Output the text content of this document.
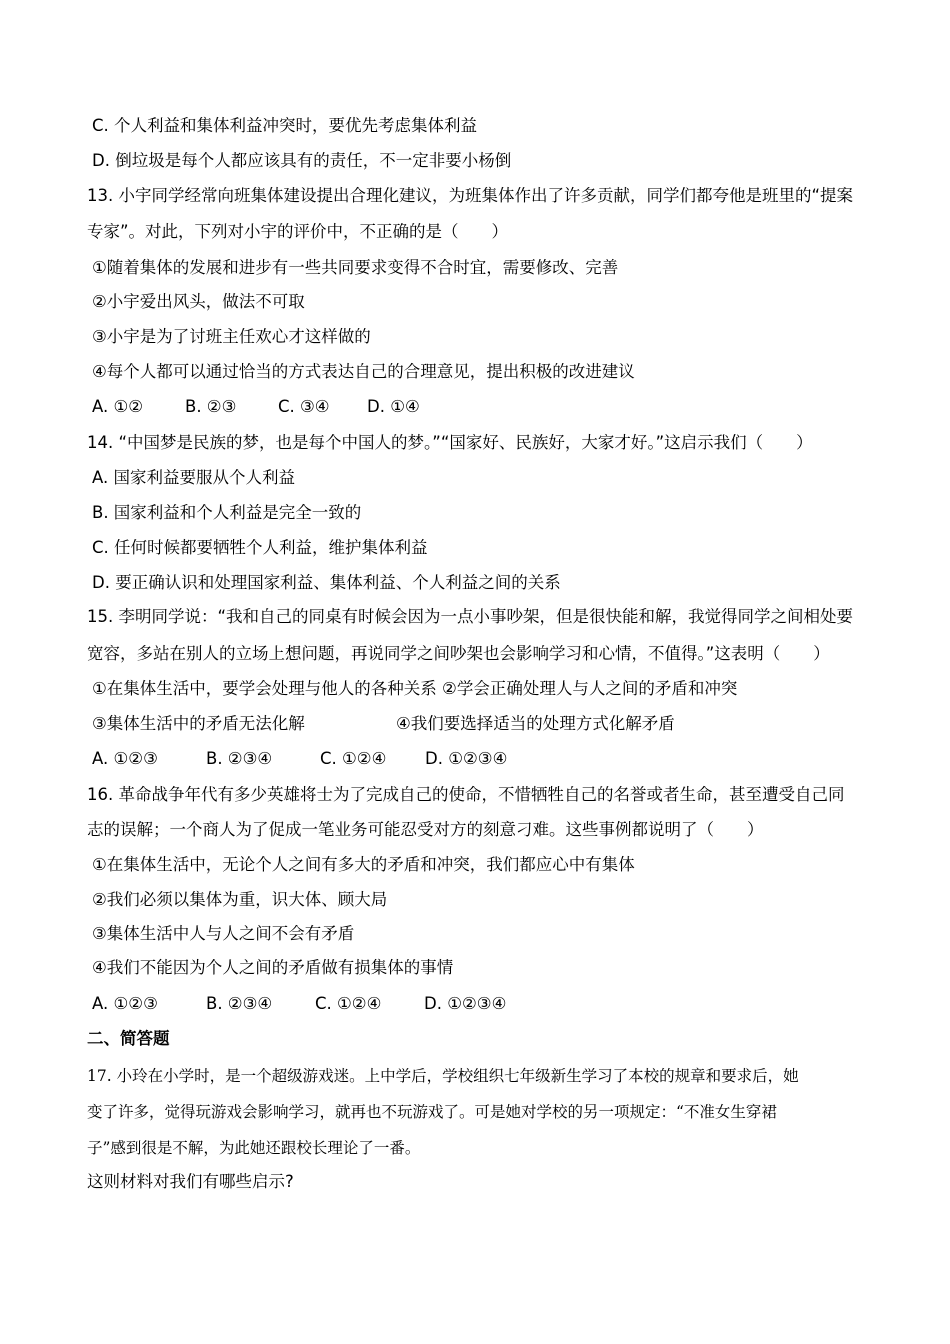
C. 个人利益和集体利益冲突时，要优先考虑集体利益
D. 倒垃圾是每个人都应该具有的责任，不一定非要小杨倒
13. 小宇同学经常向班集体建设提出合理化建议，为班集体作出了许多贡献，同学们都夸他是班里的“提案
专家”。对此，下列对小宇的评价中，不正确的是（　　）
①随着集体的发展和进步有一些共同要求变得不合时宜，需要修改、完善
②小宇爱出风头，做法不可取
③小宇是为了讨班主任欢心才这样做的
④每个人都可以通过恰当的方式表达自己的合理意见，提出积极的改进建议
A. ①②	B. ②③	C. ③④ D. ①④
14. “中国梦是民族的梦，也是每个中国人的梦。”“国家好、民族好，大家才好。”这启示我们（　　）
A. 国家利益要服从个人利益
B. 国家利益和个人利益是完全一致的
C. 任何时候都要牺牲个人利益，维护集体利益
D. 要正确认识和处理国家利益、集体利益、个人利益之间的关系
15. 李明同学说：“我和自己的同桌有时候会因为一点小事吵架，但是很快能和解，我觉得同学之间相处要
宽容，多站在别人的立场上想问题，再说同学之间吵架也会影响学习和心情，不值得。”这表明（　　）
①在集体生活中，要学会处理与他人的各种关系 ②学会正确处理人与人之间的矛盾和冲突
③集体生活中的矛盾无法化解	④我们要选择适当的处理方式化解矛盾
A. ①②③	B. ②③④	C. ①②④ D. ①②③④
16. 革命战争年代有多少英雄将士为了完成自己的使命，不惜牺牲自己的名誉或者生命，甚至遭受自己同
志的误解；一个商人为了促成一笔业务可能忍受对方的刻意刁难。这些事例都说明了（　　）
①在集体生活中，无论个人之间有多大的矛盾和冲突，我们都应心中有集体
②我们必须以集体为重，识大体、顾大局
③集体生活中人与人之间不会有矛盾
④我们不能因为个人之间的矛盾做有损集体的事情
A. ①②③	B. ②③④	C. ①②④	D. ①②③④
二、简答题
17. 小玲在小学时，是一个超级游戏迷。上中学后，学校组织七年级新生学习了本校的规章和要求后，她
变了许多，觉得玩游戏会影响学习，就再也不玩游戏了。可是她对学校的另一项规定：“不准女生穿裙
子”感到很是不解，为此她还跟校长理论了一番。
这则材料对我们有哪些启示?
